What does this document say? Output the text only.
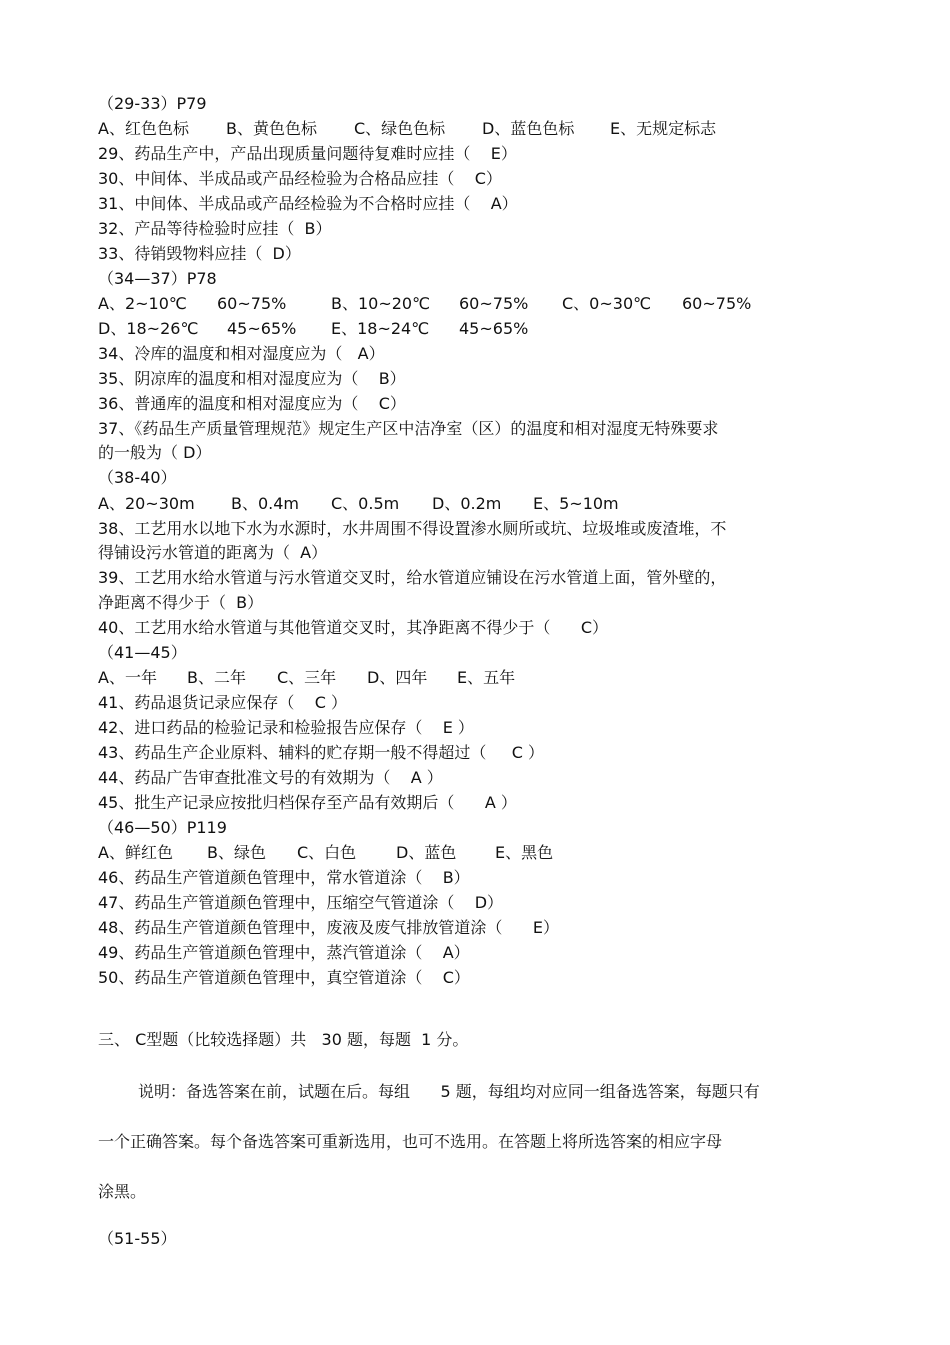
（29-33）P79

A、红色色标

B、黄色色标

C、绿色色标

D、蓝色色标

E、无规定标志

29、药品生产中，产品出现质量问题待复难时应挂（    E）
30、中间体、半成品或产品经检验为合格品应挂（    C）
31、中间体、半成品或产品经检验为不合格时应挂（    A）
32、产品等待检验时应挂（  B）
33、待销毁物料应挂（  D）
（34—37）P78

A、2~10℃

60~75%

	B、10~20℃

60~75%

C、0~30℃

60~75%

D、18~26℃

45~65%

E、18~24℃

45~65%

34、冷库的温度和相对湿度应为（   A）
35、阴凉库的温度和相对湿度应为（    B）
36、普通库的温度和相对湿度应为（    C）
37、《药品生产质量管理规范》规定生产区中洁净室（区）的温度和相对湿度无特殊要求
的一般为（ D）
（38-40）

A、20~30m

B、0.4m

C、0.5m

D、0.2m

E、5~10m

38、工艺用水以地下水为水源时，水井周围不得设置渗水厕所或坑、垃圾堆或废渣堆，不
得铺设污水管道的距离为（  A）
39、工艺用水给水管道与污水管道交叉时，给水管道应铺设在污水管道上面，管外壁的，
净距离不得少于（  B）
40、工艺用水给水管道与其他管道交叉时，其净距离不得少于（      C）
（41—45）

A、一年

B、二年

C、三年

D、四年

E、五年

41、药品退货记录应保存（    C ）
42、进口药品的检验记录和检验报告应保存（    E ）
43、药品生产企业原料、辅料的贮存期一般不得超过（     C ）
44、药品广告审查批准文号的有效期为（    A ）
45、批生产记录应按批归档保存至产品有效期后（      A ）
（46—50）P119

A、鲜红色

B、绿色

C、白色

D、蓝色

E、黑色

46、药品生产管道颜色管理中，常水管道涂（    B）
47、药品生产管道颜色管理中，压缩空气管道涂（    D）
48、药品生产管道颜色管理中，废液及废气排放管道涂（      E）
49、药品生产管道颜色管理中，蒸汽管道涂（    A）
50、药品生产管道颜色管理中，真空管道涂（    C）
三、 C型题（比较选择题）共   30 题，每题  1 分。
说明：备选答案在前，试题在后。每组      5 题，每组均对应同一组备选答案，每题只有
一个正确答案。每个备选答案可重新选用，也可不选用。在答题上将所选答案的相应字母
涂黑。
（51-55）
